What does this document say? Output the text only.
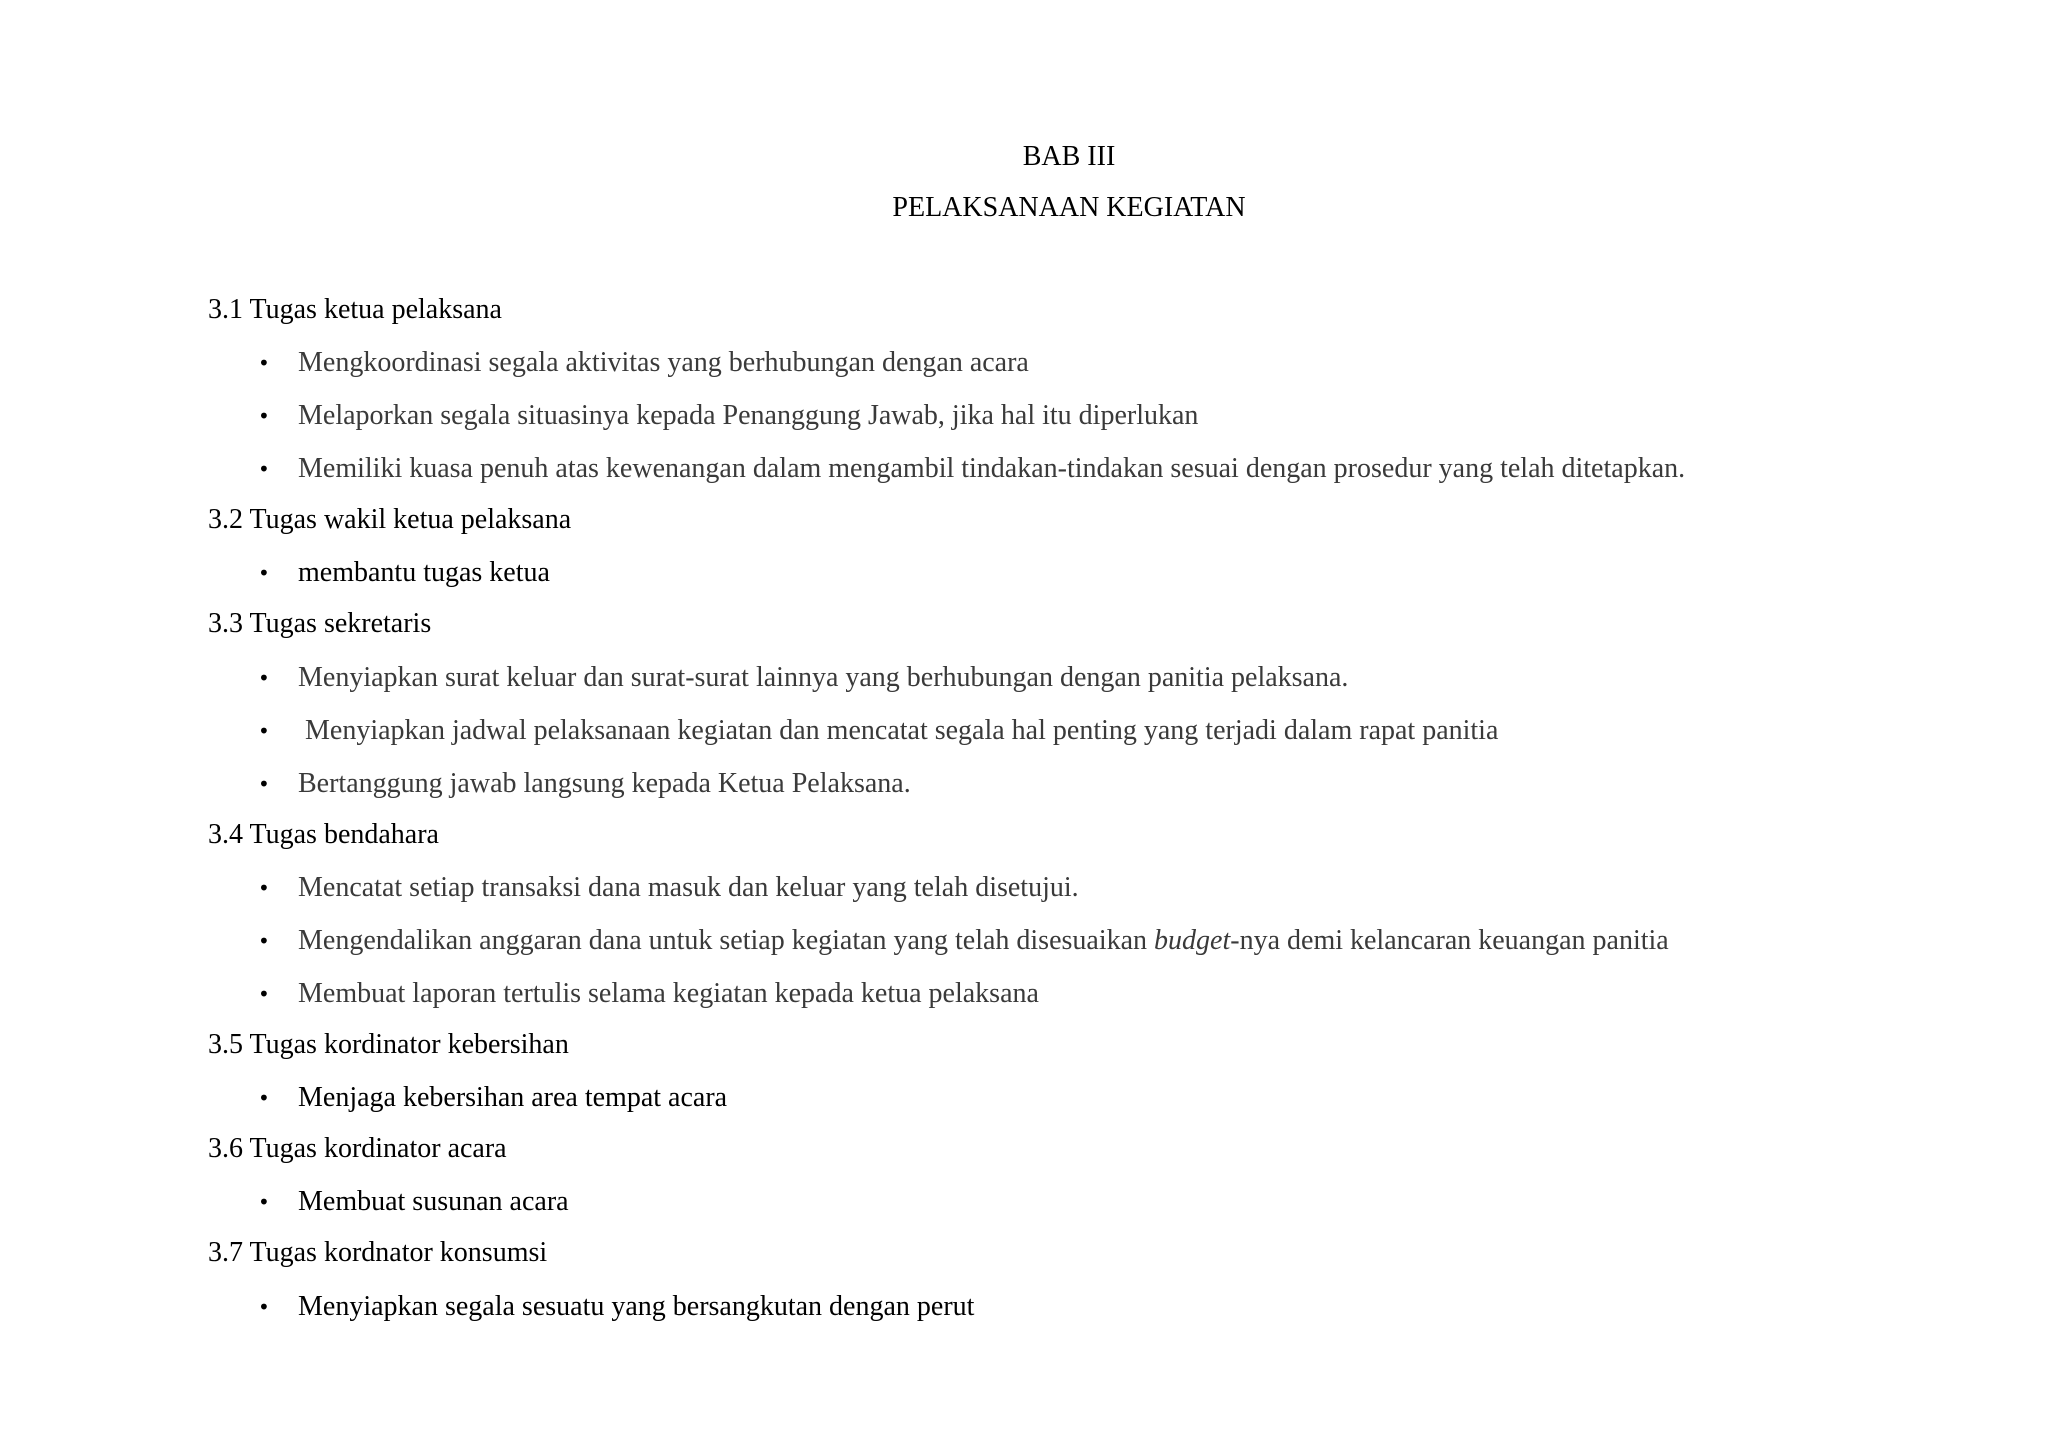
BAB III
PELAKSANAAN KEGIATAN
3.1 Tugas ketua pelaksana
• Mengkoordinasi segala aktivitas yang berhubungan dengan acara
• Melaporkan segala situasinya kepada Penanggung Jawab, jika hal itu diperlukan
• Memiliki kuasa penuh atas kewenangan dalam mengambil tindakan-tindakan sesuai dengan prosedur yang telah ditetapkan.
3.2 Tugas wakil ketua pelaksana
• membantu tugas ketua
3.3 Tugas sekretaris
• Menyiapkan surat keluar dan surat-surat lainnya yang berhubungan dengan panitia pelaksana.
• Menyiapkan jadwal pelaksanaan kegiatan dan mencatat segala hal penting yang terjadi dalam rapat panitia
• Bertanggung jawab langsung kepada Ketua Pelaksana.
3.4 Tugas bendahara
• Mencatat setiap transaksi dana masuk dan keluar yang telah disetujui.
• Mengendalikan anggaran dana untuk setiap kegiatan yang telah disesuaikan budget-nya demi kelancaran keuangan panitia
• Membuat laporan tertulis selama kegiatan kepada ketua pelaksana
3.5 Tugas kordinator kebersihan
• Menjaga kebersihan area tempat acara
3.6 Tugas kordinator acara
• Membuat susunan acara
3.7 Tugas kordnator konsumsi
• Menyiapkan segala sesuatu yang bersangkutan dengan perut
